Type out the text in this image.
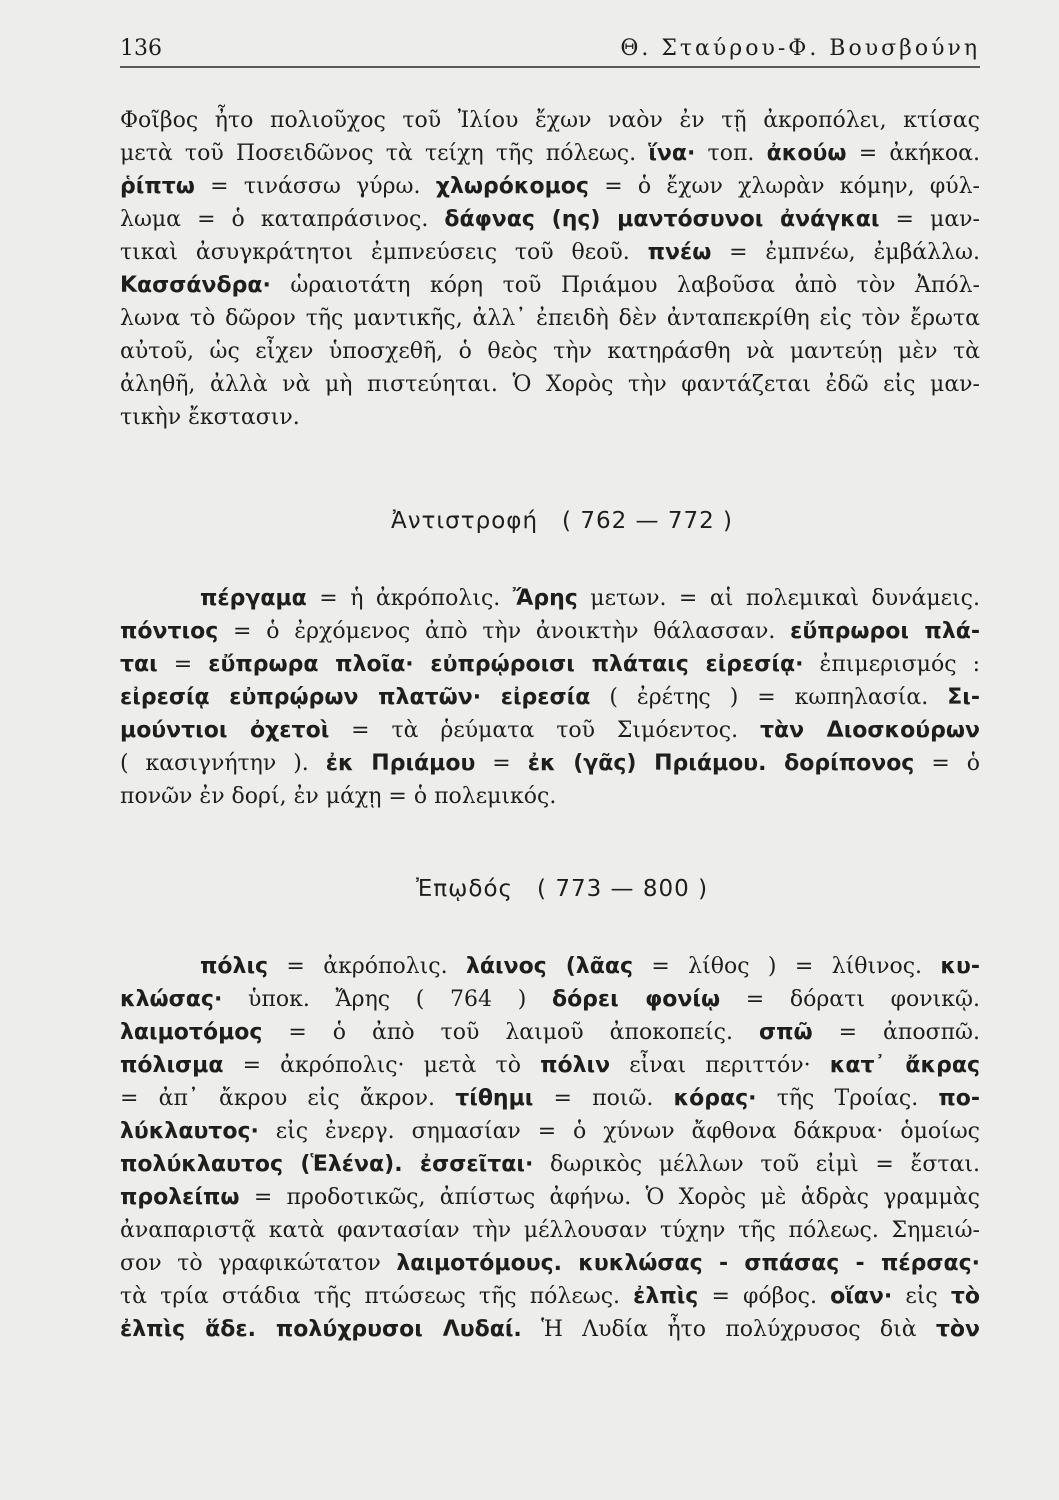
136	Θ. Σταύρου-Φ. Βουσβούνη
Φοῖβος ἦτο πολιοῦχος τοῦ Ἰλίου ἔχων ναὸν ἐν τῇ ἀκροπόλει, κτίσας
μετὰ τοῦ Ποσειδῶνος τὰ τείχη τῆς πόλεως. ἵνα· τοπ. ἀκούω = ἀκήκοα.
ῥίπτω = τινάσσω γύρω. χλωρόκομος = ὁ ἔχων χλωρὰν κόμην, φύλ-
λωμα = ὁ καταπράσινος. δάφνας (ης) μαντόσυνοι ἀνάγκαι = μαν-
τικαὶ ἀσυγκράτητοι ἐμπνεύσεις τοῦ θεοῦ. πνέω = ἐμπνέω, ἐμβάλλω.
Κασσάνδρα· ὡραιοτάτη κόρη τοῦ Πριάμου λαβοῦσα ἀπὸ τὸν Ἀπόλ-
λωνα τὸ δῶρον τῆς μαντικῆς, ἀλλ᾽ ἐπειδὴ δὲν ἀνταπεκρίθη εἰς τὸν ἔρωτα
αὐτοῦ, ὡς εἶχεν ὑποσχεθῆ, ὁ θεὸς τὴν κατηράσθη νὰ μαντεύῃ μὲν τὰ
ἀληθῆ, ἀλλὰ νὰ μὴ πιστεύηται. Ὁ Χορὸς τὴν φαντάζεται ἐδῶ εἰς μαν-
τικὴν ἔκστασιν.
Ἀντιστροφή ( 762 — 772 )
πέργαμα = ἡ ἀκρόπολις. Ἄρης μετων. = αἱ πολεμικαὶ δυνάμεις.
πόντιος = ὁ ἐρχόμενος ἀπὸ τὴν ἀνοικτὴν θάλασσαν. εὔπρωροι πλά-
ται = εὔπρωρα πλοῖα· εὐπρῴροισι πλάταις εἰρεσίᾳ· ἐπιμερισμός :
εἰρεσίᾳ εὐπρῴρων πλατῶν· εἰρεσία ( ἐρέτης ) = κωπηλασία. Σι-
μούντιοι ὀχετοὶ = τὰ ῥεύματα τοῦ Σιμόεντος. τὰν Διοσκούρων
( κασιγνήτην ). ἐκ Πριάμου = ἐκ (γᾶς) Πριάμου. δορίπονος = ὁ
πονῶν ἐν δορί, ἐν μάχῃ = ὁ πολεμικός.
Ἐπῳδός ( 773 — 800 )
πόλις = ἀκρόπολις. λάινος (λᾶας = λίθος ) = λίθινος. κυ-
κλώσας· ὑποκ. Ἄρης ( 764 ) δόρει φονίῳ = δόρατι φονικῷ.
λαιμοτόμος = ὁ ἀπὸ τοῦ λαιμοῦ ἀποκοπείς. σπῶ = ἀποσπῶ.
πόλισμα = ἀκρόπολις· μετὰ τὸ πόλιν εἶναι περιττόν· κατ᾽ ἄκρας
= ἀπ᾽ ἄκρου εἰς ἄκρον. τίθημι = ποιῶ. κόρας· τῆς Τροίας. πο-
λύκλαυτος· εἰς ἐνεργ. σημασίαν = ὁ χύνων ἄφθονα δάκρυα· ὁμοίως
πολύκλαυτος (Ἑλένα). ἐσσεῖται· δωρικὸς μέλλων τοῦ εἰμὶ = ἔσται.
προλείπω = προδοτικῶς, ἀπίστως ἀφήνω. Ὁ Χορὸς μὲ ἁδρὰς γραμμὰς
ἀναπαριστᾷ κατὰ φαντασίαν τὴν μέλλουσαν τύχην τῆς πόλεως. Σημειώ-
σον τὸ γραφικώτατον λαιμοτόμους. κυκλώσας - σπάσας - πέρσας·
τὰ τρία στάδια τῆς πτώσεως τῆς πόλεως. ἐλπὶς = φόβος. οἵαν· εἰς τὸ
ἐλπὶς ἅδε. πολύχρυσοι Λυδαί. Ἡ Λυδία ἦτο πολύχρυσος διὰ τὸν
